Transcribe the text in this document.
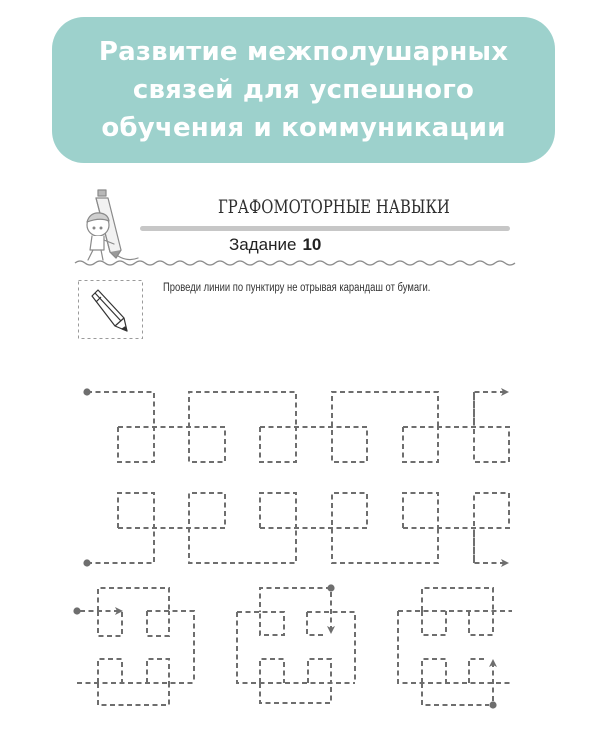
Развитие межполушарных
связей для успешного
обучения и коммуникации
ГРАФОМОТОРНЫЕ НАВЫКИ
Задание 10
Проведи линии по пунктиру не отрывая карандаш от бумаги.
